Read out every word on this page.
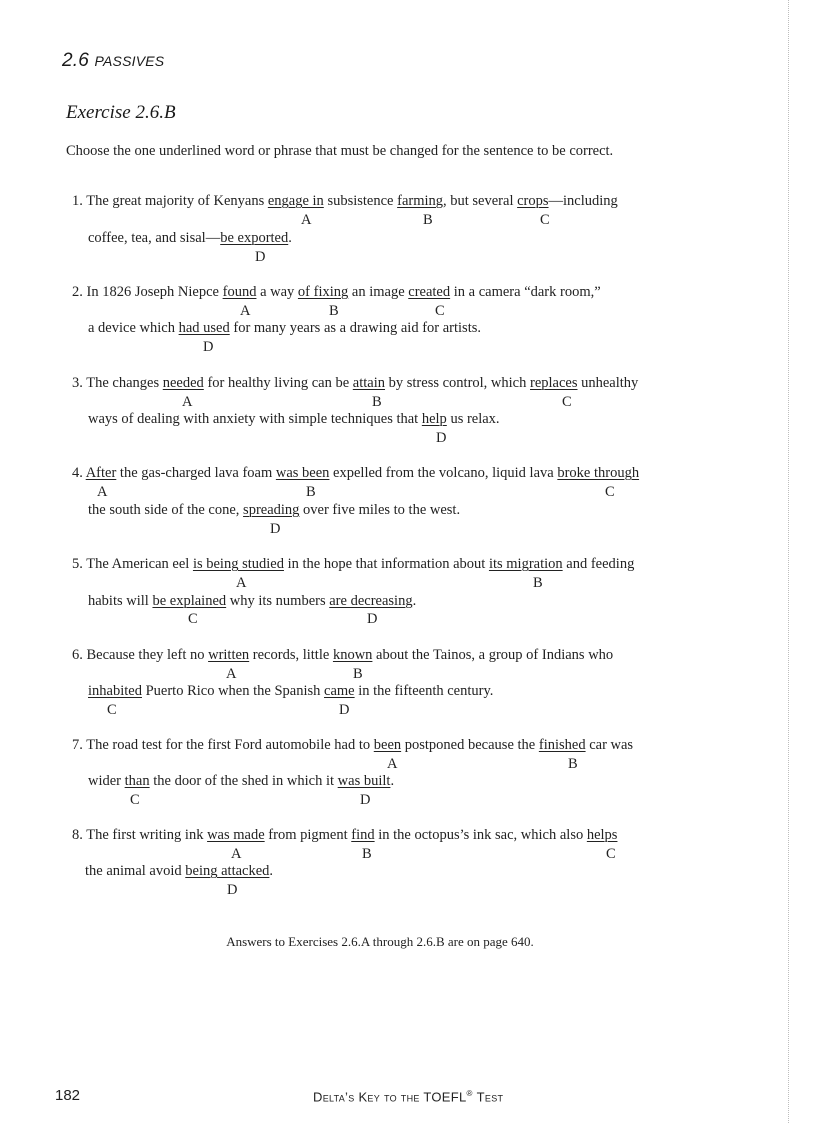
2.6 PASSIVES
Exercise 2.6.B
Choose the one underlined word or phrase that must be changed for the sentence to be correct.
1. The great majority of Kenyans engage in subsistence farming, but several crops—including
coffee, tea, and sisal—be exported.
A	B	C
D
2. In 1826 Joseph Niepce found a way of fixing an image created in a camera “dark room,”
a device which had used for many years as a drawing aid for artists.
A	B	C
D
3. The changes needed for healthy living can be attain by stress control, which replaces unhealthy
ways of dealing with anxiety with simple techniques that help us relax.
A	B	C
D
4. After the gas-charged lava foam was been expelled from the volcano, liquid lava broke through
the south side of the cone, spreading over five miles to the west.
A	B	C
D
5. The American eel is being studied in the hope that information about its migration and feeding
habits will be explained why its numbers are decreasing.
A	B
C	D
6. Because they left no written records, little known about the Tainos, a group of Indians who
inhabited Puerto Rico when the Spanish came in the fifteenth century.
A	B
C	D
7. The road test for the first Ford automobile had to been postponed because the finished car was
wider than the door of the shed in which it was built.
A	B
C	D
8. The first writing ink was made from pigment find in the octopus’s ink sac, which also helps
the animal avoid being attacked.
A	B	C
D
Answers to Exercises 2.6.A through 2.6.B are on page 640.
182	Delta’s Key to the TOEFL® Test
